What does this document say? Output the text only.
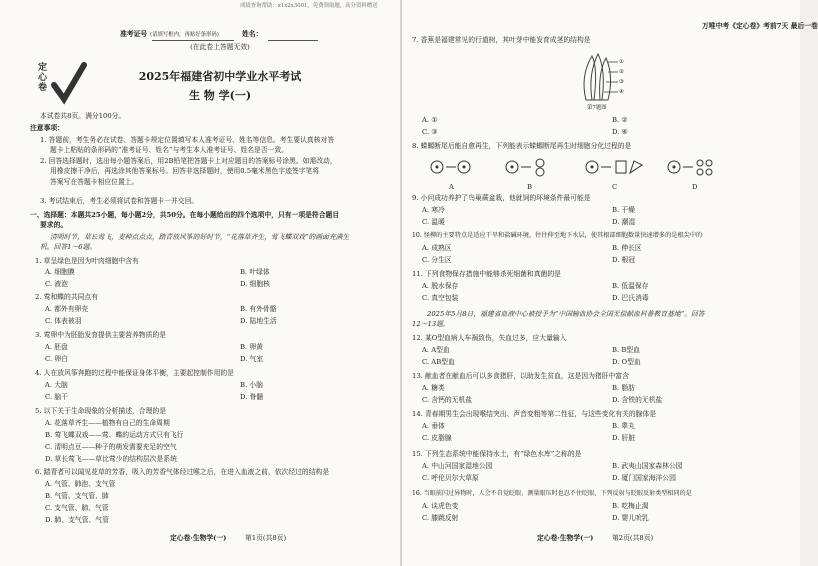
成绩查询帮助：x1x2x3001，免费领取题，高分资料赠送
准考证号 (请填写框内，再贴好条形码)	姓名：
(在此卷上答题无效)
定心卷
2025年福建省初中学业水平考试
生 物 学(一)
本试卷共8页。满分100分。
注意事项：
1. 答题前，考生务必在试卷、答题卡规定位置填写本人准考证号、姓名等信息。考生要认真核对答
题卡上粘贴的条形码的“准考证号、姓名”与考生本人准考证号、姓名是否一致。
2. 回答选择题时，选出每小题答案后，用2B铅笔把答题卡上对应题目的答案标号涂黑。如需改动，
用橡皮擦干净后，再选涂其他答案标号。回答非选择题时，使用0.5毫米黑色字迹签字笔将
答案写在答题卡相应位置上。
3. 考试结束后，考生必须将试卷和答题卡一并交回。
一、选择题：本题共25小题，每小题2分，共50分。在每小题给出的四个选项中，只有一项是符合题目
要求的。
清明时节，草长莺飞，麦种点点点，踏青放风筝的好时节，“花落草齐生，莺飞蝶双戏”的画面充满生
机。回答1～6题。
1. 草呈绿色是因为叶肉细胞中含有
A. 细胞膜	B. 叶绿体
C. 液泡	D. 细胞核
2. 莺和蝶的共同点有
A. 都外有卵壳	B. 有外骨骼
C. 体表被羽	D. 陆地生活
3. 莺卵中为胚胎发育提供主要营养物质的是
A. 胚盘	B. 卵黄
C. 卵白	D. 气室
4. 人在放风筝奔跑的过程中能保证身体平衡，主要起控制作用的是
A. 大脑	B. 小脑
C. 脑干	D. 脊髓
5. 以下关于生命现象的分析描述，合理的是
A. 花落草齐生——植物有自己的生命周期
B. 莺飞蝶双戏——莺、蝶的运动方式只有飞行
C. 清明点豆——种子的萌发需要充足的空气
D. 草长莺飞——草比莺少的结构层次是系统
6. 踏青者可以闻见花草的芳香，吸入的芳香气体经过喉之后，在进入血液之前，依次经过的结构是
A. 气管、肺泡、支气管
B. 气管、支气管、肺
C. 支气管、肺、气管
D. 肺、支气管、气管
定心卷·生物学(一)	第1页(共8页)
万唯中考《定心卷》考前7天 最后一卷
7. 香蕉是福建常见的行道树，其叶芽中能发育成茎的结构是
①
②
③
④
第7题图
A. ①	B. ②
C. ③	D. ④
8. 蝾螈断尾后能自愈再生，下列能表示蝾螈断尾再生时细胞分化过程的是
A	B	C	D
9. 小问成功养护了鸟巢蕨盆栽，他就饲的环境条件最可能是
A. 寒冷	B. 干燥
C. 温暖	D. 潮湿
10. 怪柳的主要特点是适应干旱和盐碱环境，往往伸至地下水层，使其根部细胞数量快速增多的是根尖中的
A. 成熟区	B. 伸长区
C. 分生区	D. 根冠
11. 下列食物保存措施中能够杀死细菌和真菌的是
A. 脱水保存	B. 低温保存
C. 真空包装	D. 巴氏消毒
2025年5月8日，福建省血液中心被授予为“中国输血协会全国无偿献血科普教育基地”。回答
12～13题。
12. 某O型血病人车祸致伤，失血过多，应大量输入
A. A型血	B. B型血
C. AB型血	D. O型血
13. 献血者在献血后可以多食猪肝，以助发生贫血，这是因为猪肝中富含
A. 糖类	B. 脂肪
C. 含钙的无机盐	D. 含铁的无机盐
14. 青春期男生会出现喉结突出、声音变粗等第二性征，与这些变化有关的腺体是
A. 垂体	B. 睾丸
C. 皮脂腺	D. 肝脏
15. 下列生态系统中能保持水土，有“绿色水库”之称的是
A. 中山河国家湿地公园	B. 武夷山国家森林公园
C. 呼伦贝尔大草原	D. 厦门国家海洋公园
16. 当眼前闪过异物时，人会不自觉眨眼，测量眼压时也忍不住眨眼，下列反射与眨眼反射类型相同的是
A. 谈虎色变	B. 吃梅止渴
C. 膝跳反射	D. 婴儿吮乳
定心卷·生物学(一)	第2页(共8页)
